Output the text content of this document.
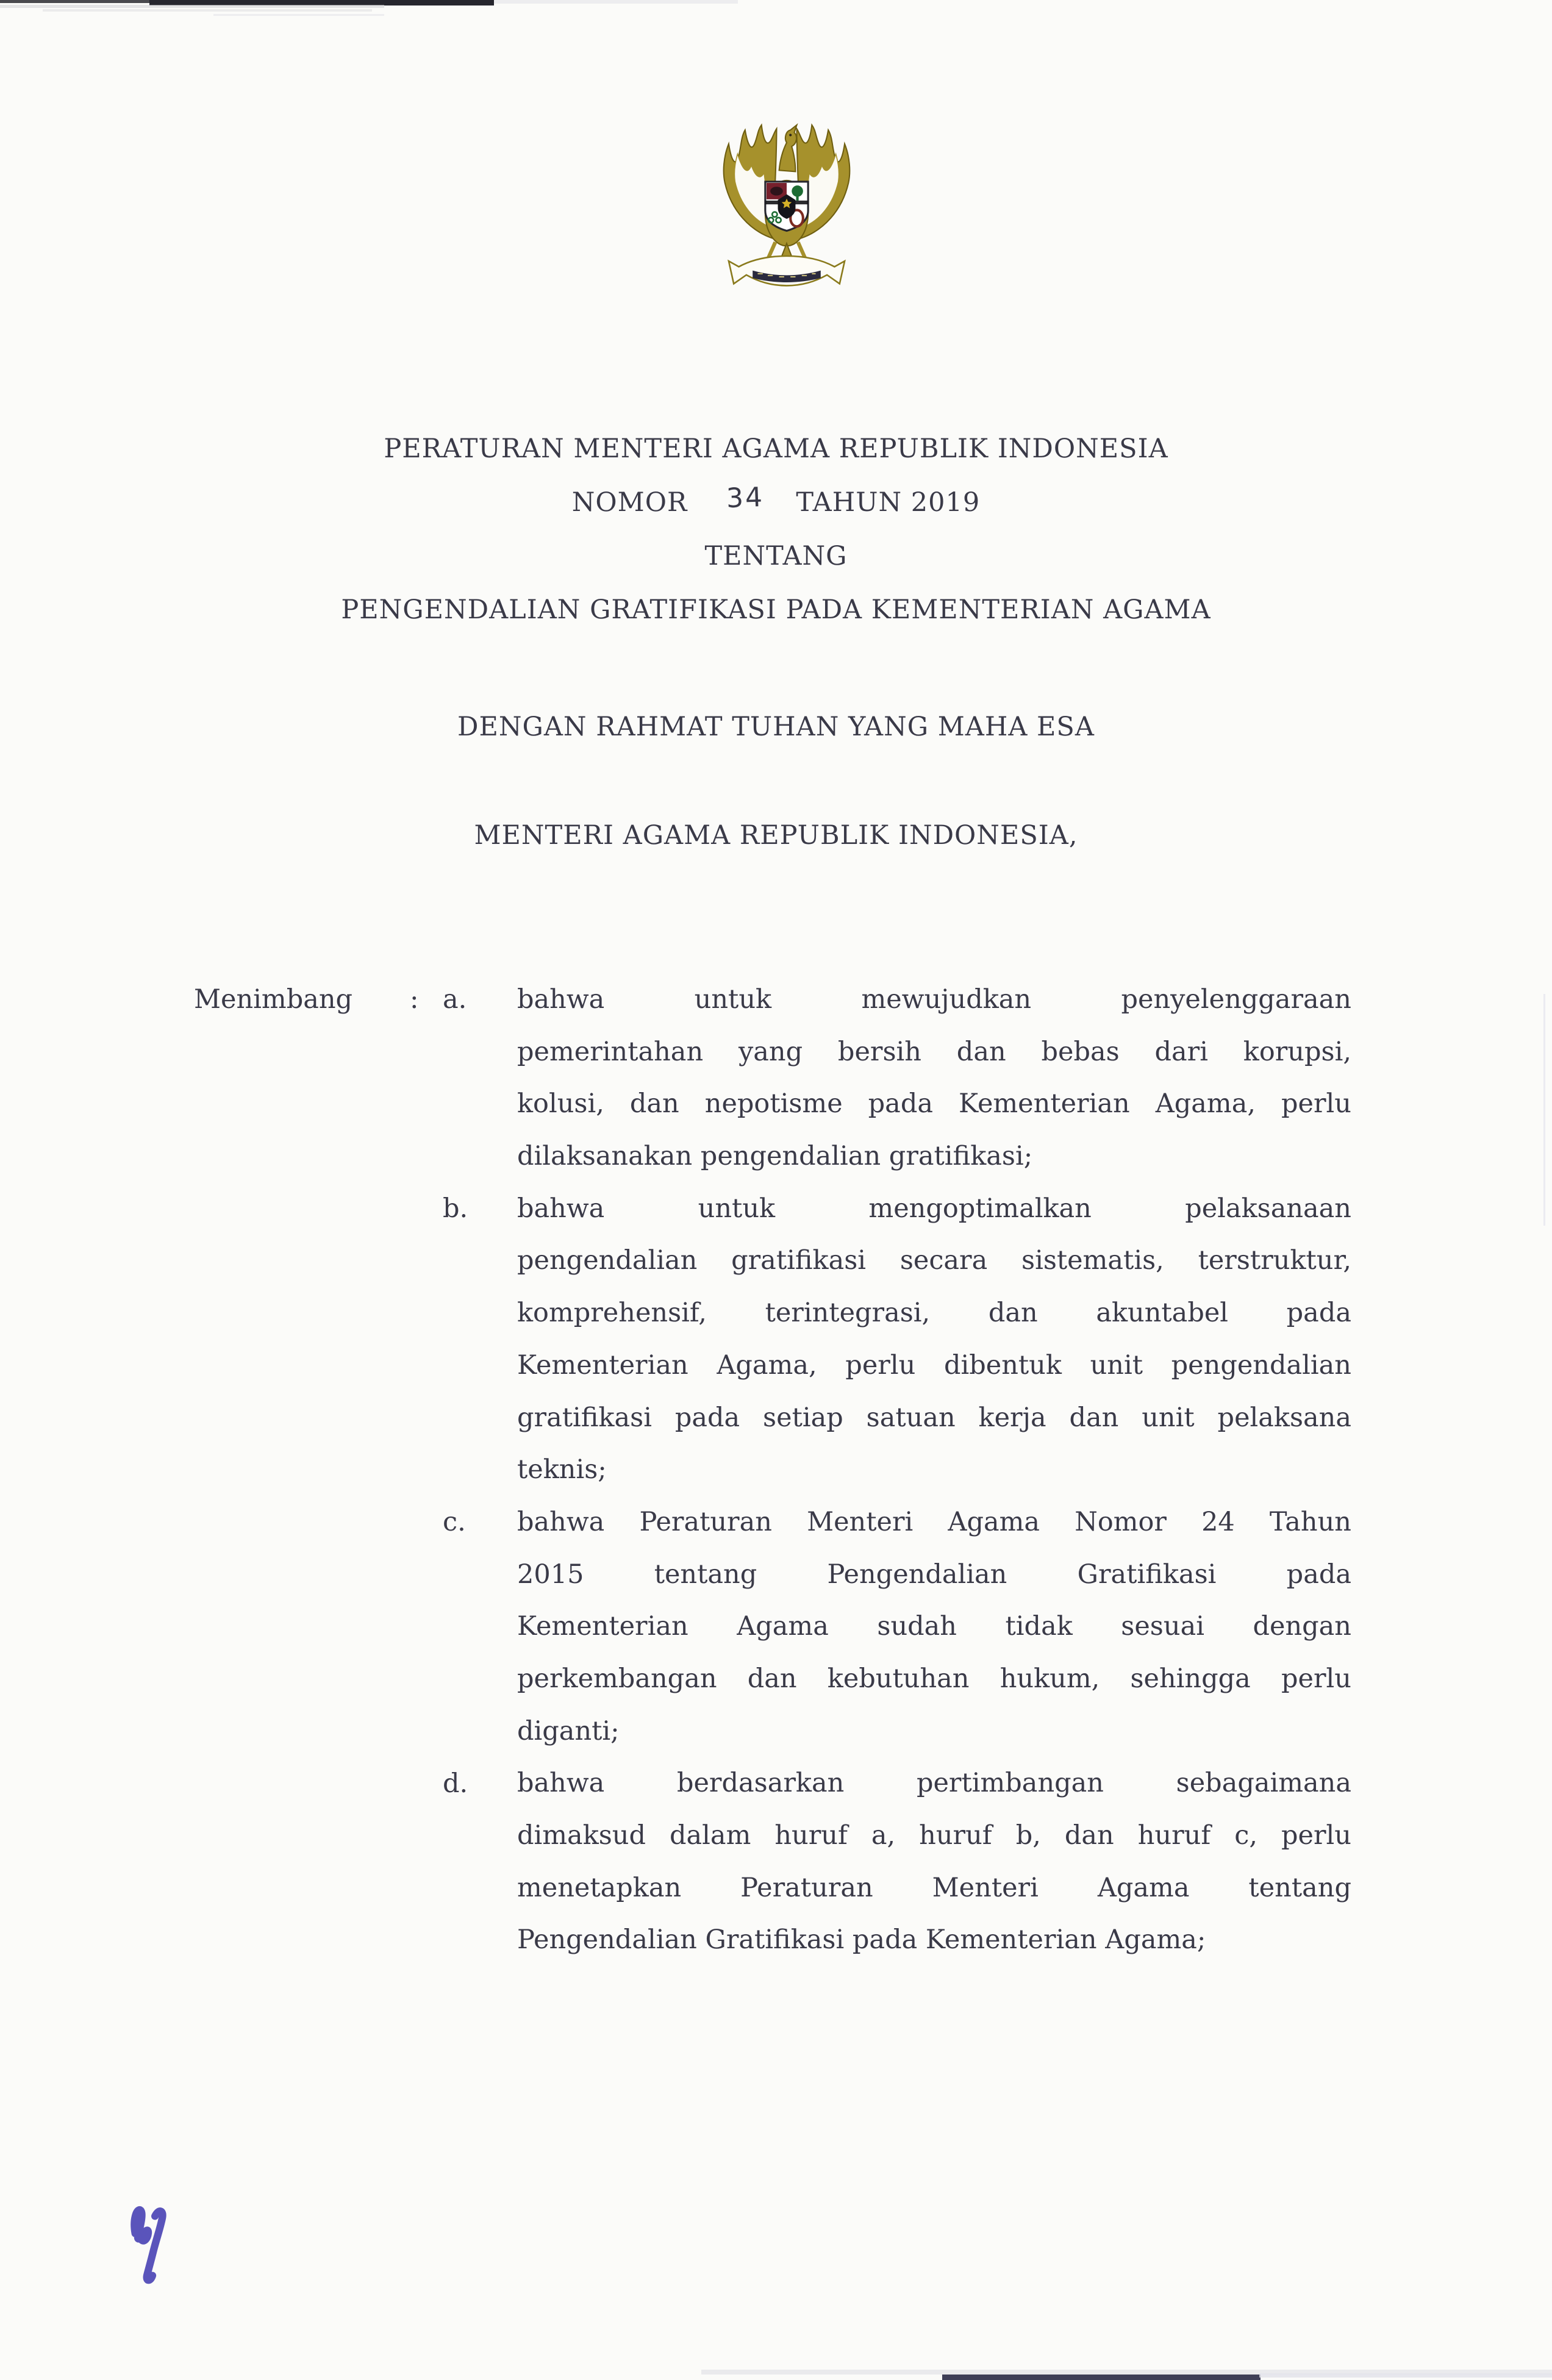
PERATURAN MENTERI AGAMA REPUBLIK INDONESIA
NOMOR 34 TAHUN 2019
TENTANG
PENGENDALIAN GRATIFIKASI PADA KEMENTERIAN AGAMA
DENGAN RAHMAT TUHAN YANG MAHA ESA
MENTERI AGAMA REPUBLIK INDONESIA,
Menimbang : a.
b.
c.
d.
bahwa untuk mewujudkan penyelenggaraan
pemerintahan yang bersih dan bebas dari korupsi,
kolusi, dan nepotisme pada Kementerian Agama, perlu
dilaksanakan pengendalian gratifikasi;
bahwa untuk mengoptimalkan pelaksanaan
pengendalian gratifikasi secara sistematis, terstruktur,
komprehensif, terintegrasi, dan akuntabel pada
Kementerian Agama, perlu dibentuk unit pengendalian
gratifikasi pada setiap satuan kerja dan unit pelaksana
teknis;
bahwa Peraturan Menteri Agama Nomor 24 Tahun
2015 tentang Pengendalian Gratifikasi pada
Kementerian Agama sudah tidak sesuai dengan
perkembangan dan kebutuhan hukum, sehingga perlu
diganti;
bahwa berdasarkan pertimbangan sebagaimana
dimaksud dalam huruf a, huruf b, dan huruf c, perlu
menetapkan Peraturan Menteri Agama tentang
Pengendalian Gratifikasi pada Kementerian Agama;
